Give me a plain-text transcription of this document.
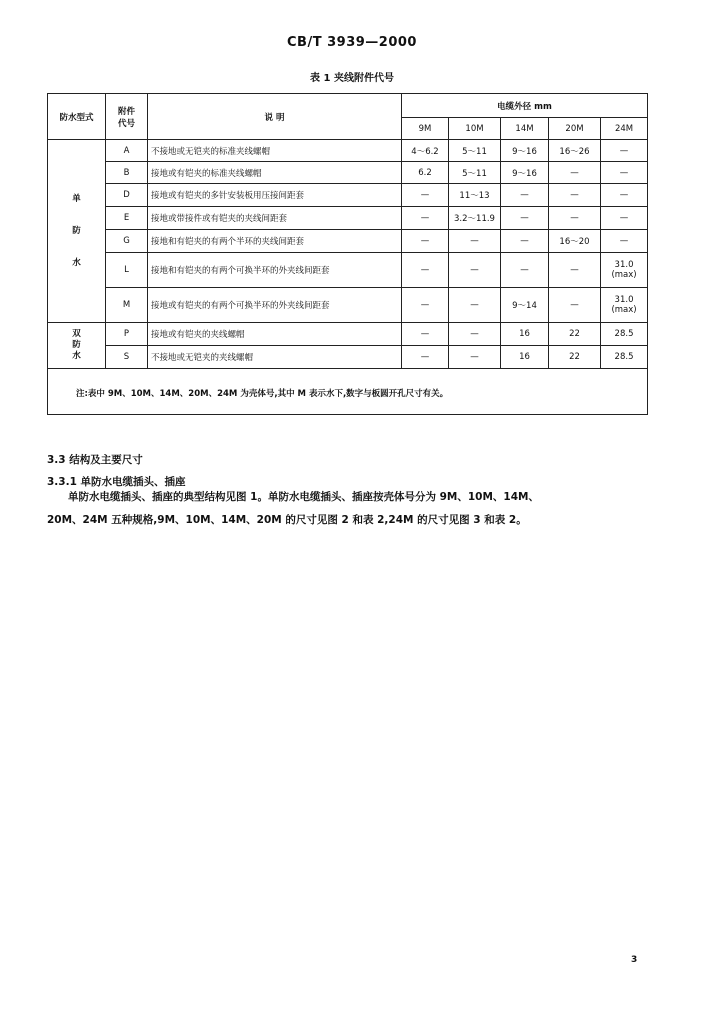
CB/T 3939—2000
表 1 夹线附件代号
防水型式	附件
代号	说 明	电缆外径 mm				
			9M	10M	14M	20M	24M

单
防
水	A	不接地或无铠夹的标准夹线螺帽	4～6.2	5～11	9～16	16～26	—
	B	接地或有铠夹的标准夹线螺帽	6.2	5～11	9～16	—	—
	D	接地或有铠夹的多针安装板用压接间距套	—	11～13	—	—	—
	E	接地或带接件或有铠夹的夹线间距套	—	3.2～11.9	—	—	—
	G	接地和有铠夹的有两个半环的夹线间距套	—	—	—	16～20	—
	L	接地和有铠夹的有两个可换半环的外夹线间距套	—	—	—	—	31.0 (max)
	M	接地或有铠夹的有两个可换半环的外夹线间距套	—	—	9～14	—	31.0 (max)

双
防
水	P	接地或有铠夹的夹线螺帽	—	—	16	22	28.5
	S	不接地或无铠夹的夹线螺帽	—	—	16	22	28.5
注:表中 9M、10M、14M、20M、24M 为壳体号,其中 M 表示水下,数字与板圆开孔尺寸有关。							
3.3 结构及主要尺寸
3.3.1 单防水电缆插头、插座
单防水电缆插头、插座的典型结构见图 1。单防水电缆插头、插座按壳体号分为 9M、10M、14M、
20M、24M 五种规格,9M、10M、14M、20M 的尺寸见图 2 和表 2,24M 的尺寸见图 3 和表 2。
3
